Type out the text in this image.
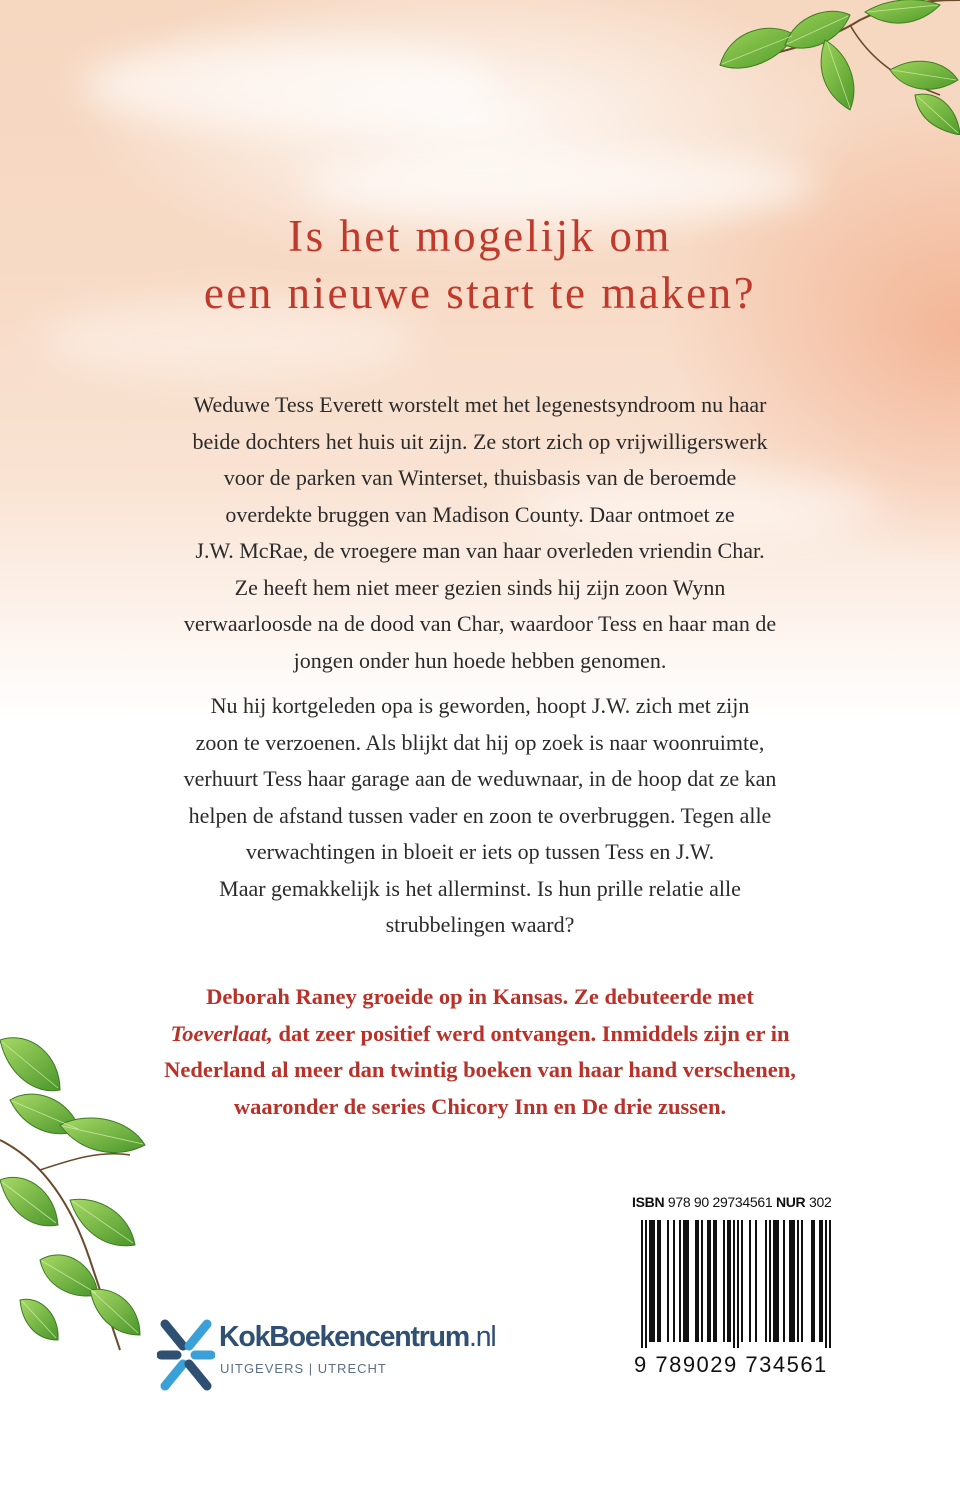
Is het mogelijk om
een nieuwe start te maken?

Weduwe Tess Everett worstelt met het legenestsyndroom nu haar
beide dochters het huis uit zijn. Ze stort zich op vrijwilligerswerk
voor de parken van Winterset, thuisbasis van de beroemde
overdekte bruggen van Madison County. Daar ontmoet ze
J.W. McRae, de vroegere man van haar overleden vriendin Char.
Ze heeft hem niet meer gezien sinds hij zijn zoon Wynn
verwaarloosde na de dood van Char, waardoor Tess en haar man de
jongen onder hun hoede hebben genomen.

Nu hij kortgeleden opa is geworden, hoopt J.W. zich met zijn
zoon te verzoenen. Als blijkt dat hij op zoek is naar woonruimte,
verhuurt Tess haar garage aan de weduwnaar, in de hoop dat ze kan
helpen de afstand tussen vader en zoon te overbruggen. Tegen alle
verwachtingen in bloeit er iets op tussen Tess en J.W.
Maar gemakkelijk is het allerminst. Is hun prille relatie alle
strubbelingen waard?

Deborah Raney groeide op in Kansas. Ze debuteerde met
Toeverlaat, dat zeer positief werd ontvangen. Inmiddels zijn er in
Nederland al meer dan twintig boeken van haar hand verschenen,
waaronder de series Chicory Inn en De drie zussen.

ISBN 978 90 29734561 NUR 302
9 789029 734561

KokBoekencentrum.nl

UITGEVERS | UTRECHT
